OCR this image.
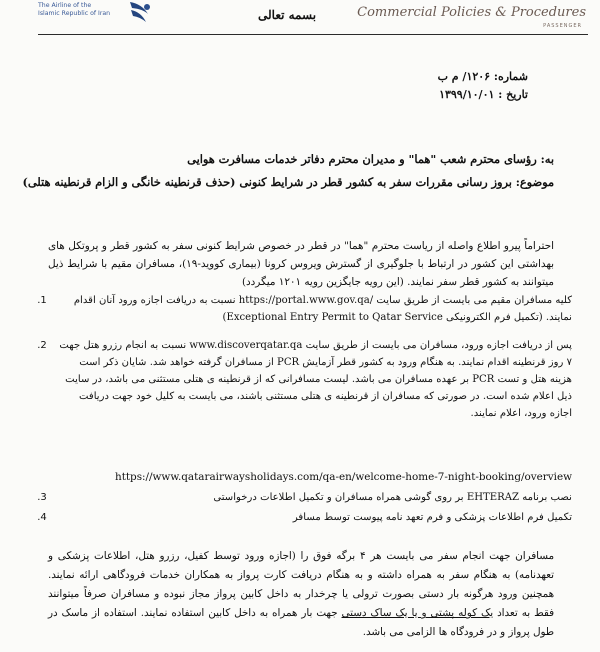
The Airline of the
Islamic Republic of Iran	بسمه تعالی	Commercial Policies & Procedures
PASSENGER
شماره: ۱۲۰۶/ م ب
تاریخ : ۱۳۹۹/۱۰/۰۱
به: رؤسای محترم شعب "هما" و مدیران محترم دفاتر خدمات مسافرت هوایی
موضوع: بروز رسانی مقررات سفر به کشور قطر در شرایط کنونی (حذف قرنطینه خانگی و الزام قرنطینه هتلی)
احتراماً پیرو اطلاع واصله از ریاست محترم "هما" در قطر در خصوص شرایط کنونی سفر به کشور قطر و پروتکل های بهداشتی این کشور در ارتباط با جلوگیری از گسترش ویروس کرونا (بیماری کووید-۱۹)، مسافران مقیم با شرایط ذیل میتوانند به کشور قطر سفر نمایند. (این رویه جایگزین رویه ۱۲۰۱ میگردد)
1.	کلیه مسافران مقیم می بایست از طریق سایت https://portal.www.gov.qa/ نسبت به دریافت اجازه ورود آنان اقدام نمایند. (تکمیل فرم الکترونیکی Exceptional Entry Permit to Qatar Service)
2.	پس از دریافت اجازه ورود، مسافران می بایست از طریق سایت www.discoverqatar.qa نسبت به انجام رزرو هتل جهت ۷ روز قرنطینه اقدام نمایند. به هنگام ورود به کشور قطر آزمایش PCR از مسافران گرفته خواهد شد. شایان ذکر است هزینه هتل و تست PCR بر عهده مسافران می باشد. لیست مسافرانی که از قرنطینه ی هتلی مستثنی می باشد، در سایت ذیل اعلام شده است. در صورتی که مسافران از قرنطینه ی هتلی مستثنی باشند، می بایست به کلیل خود جهت دریافت اجازه ورود، اعلام نمایند.
https://www.qatarairwaysholidays.com/qa-en/welcome-home-7-night-booking/overview
3.	نصب برنامه EHTERAZ بر روی گوشی همراه مسافران و تکمیل اطلاعات درخواستی
4.	تکمیل فرم اطلاعات پزشکی و فرم تعهد نامه پیوست توسط مسافر
مسافران جهت انجام سفر می بایست هر ۴ برگه فوق را (اجازه ورود توسط کفیل، رزرو هتل، اطلاعات پزشکی و تعهدنامه) به هنگام سفر به همراه داشته و به هنگام دریافت کارت پرواز به همکاران خدمات فرودگاهی ارائه نمایند. همچنین ورود هرگونه بار دستی بصورت ترولی یا چرخدار به داخل کابین پرواز مجاز نبوده و مسافران صرفاً میتوانند فقط به تعداد یک کوله پشتی و یا یک ساک دستی جهت بار همراه به داخل کابین استفاده نمایند. استفاده از ماسک در طول پرواز و در فرودگاه ها الزامی می باشد.
